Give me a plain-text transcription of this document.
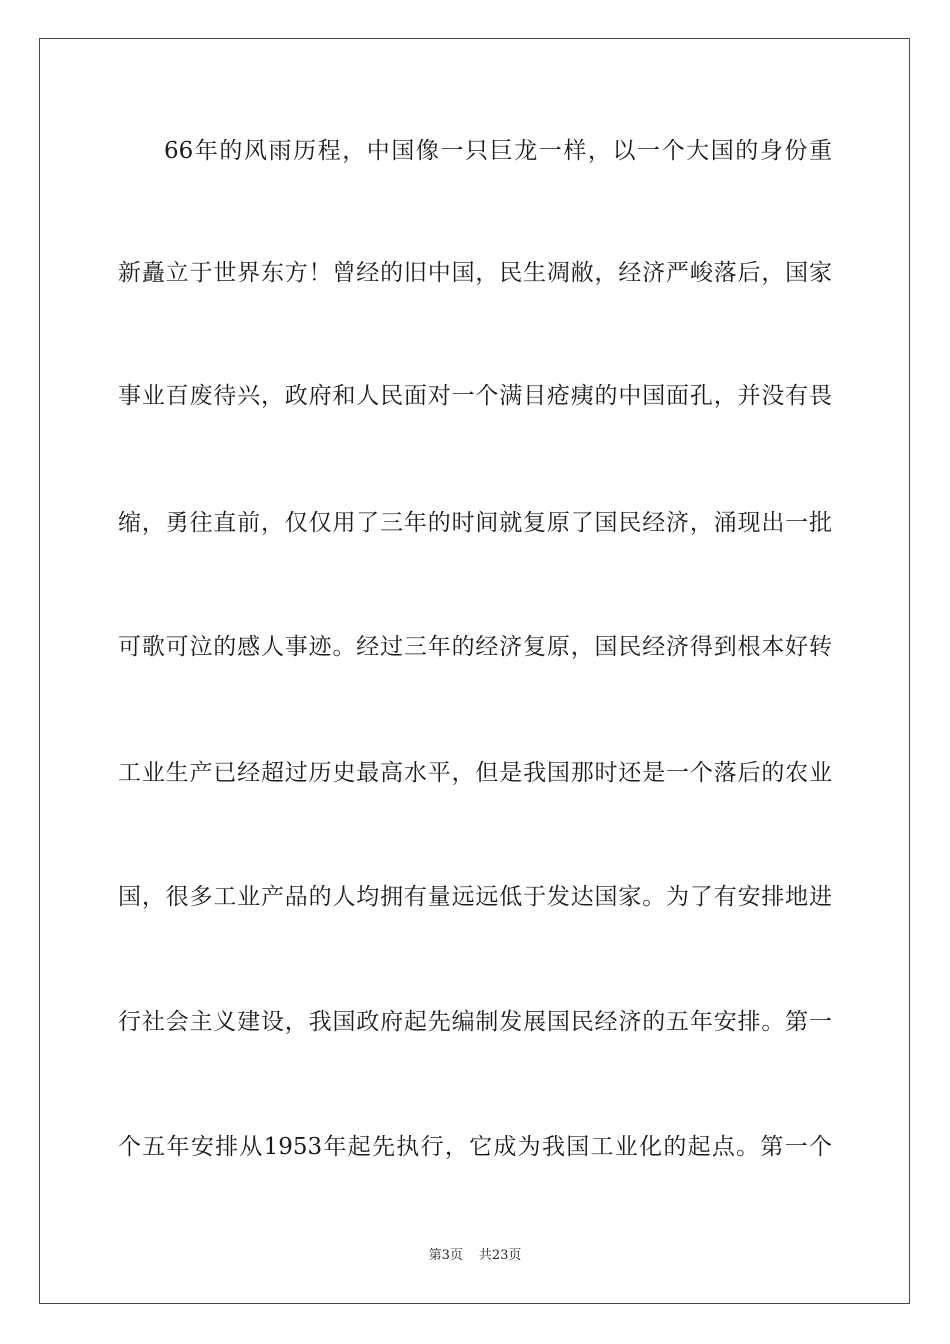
66年的风雨历程，中国像一只巨龙一样，以一个大国的身份重
新矗立于世界东方！曾经的旧中国，民生凋敝，经济严峻落后，国家
事业百废待兴，政府和人民面对一个满目疮痍的中国面孔，并没有畏
缩，勇往直前，仅仅用了三年的时间就复原了国民经济，涌现出一批
可歌可泣的感人事迹。经过三年的经济复原，国民经济得到根本好转
工业生产已经超过历史最高水平，但是我国那时还是一个落后的农业
国，很多工业产品的人均拥有量远远低于发达国家。为了有安排地进
行社会主义建设，我国政府起先编制发展国民经济的五年安排。第一
个五年安排从1953年起先执行，它成为我国工业化的起点。第一个
第3页 共23页
